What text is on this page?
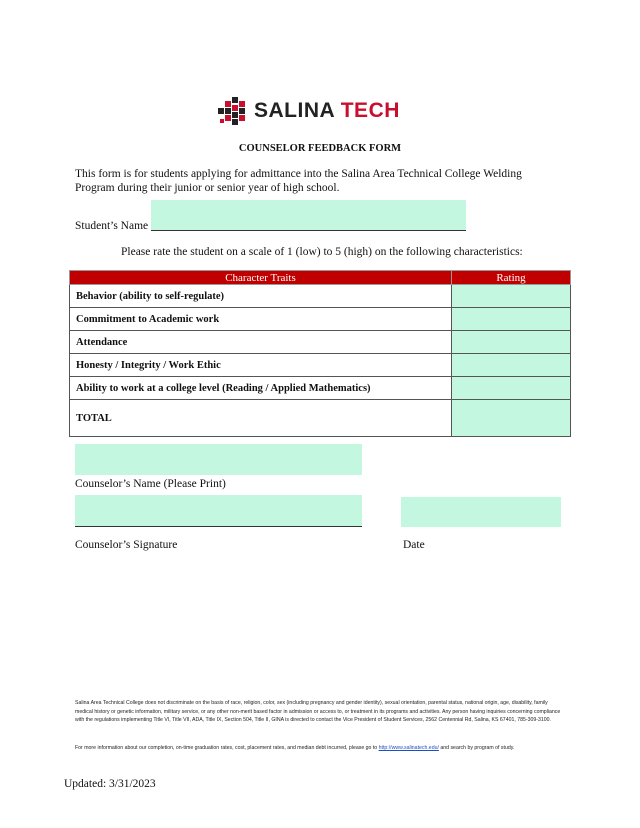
SALINA TECH
COUNSELOR FEEDBACK FORM
This form is for students applying for admittance into the Salina Area Technical College Welding Program during their junior or senior year of high school.
Student’s Name
Please rate the student on a scale of 1 (low) to 5 (high) on the following characteristics:
Character Traits	Rating
Behavior (ability to self-regulate)	
Commitment to Academic work	
Attendance	
Honesty / Integrity / Work Ethic	
Ability to work at a college level (Reading / Applied Mathematics)	
TOTAL	
Counselor’s Name (Please Print)
Counselor’s Signature	Date
Salina Area Technical College does not discriminate on the basis of race, religion, color, sex (including pregnancy and gender identity), sexual orientation, parental status, national origin, age, disability, family medical history or genetic information, military service, or any other non-merit based factor in admission or access to, or treatment in its programs and activities. Any person having inquiries concerning compliance with the regulations implementing Title VI, Title VII, ADA, Title IX, Section 504, Title II, GINA is directed to contact the Vice President of Student Services, 2562 Centennial Rd, Salina, KS 67401, 785-309-3100.
For more information about our completion, on-time graduation rates, cost, placement rates, and median debt incurred, please go to http://www.salinatech.edu/ and search by program of study.
Updated: 3/31/2023
